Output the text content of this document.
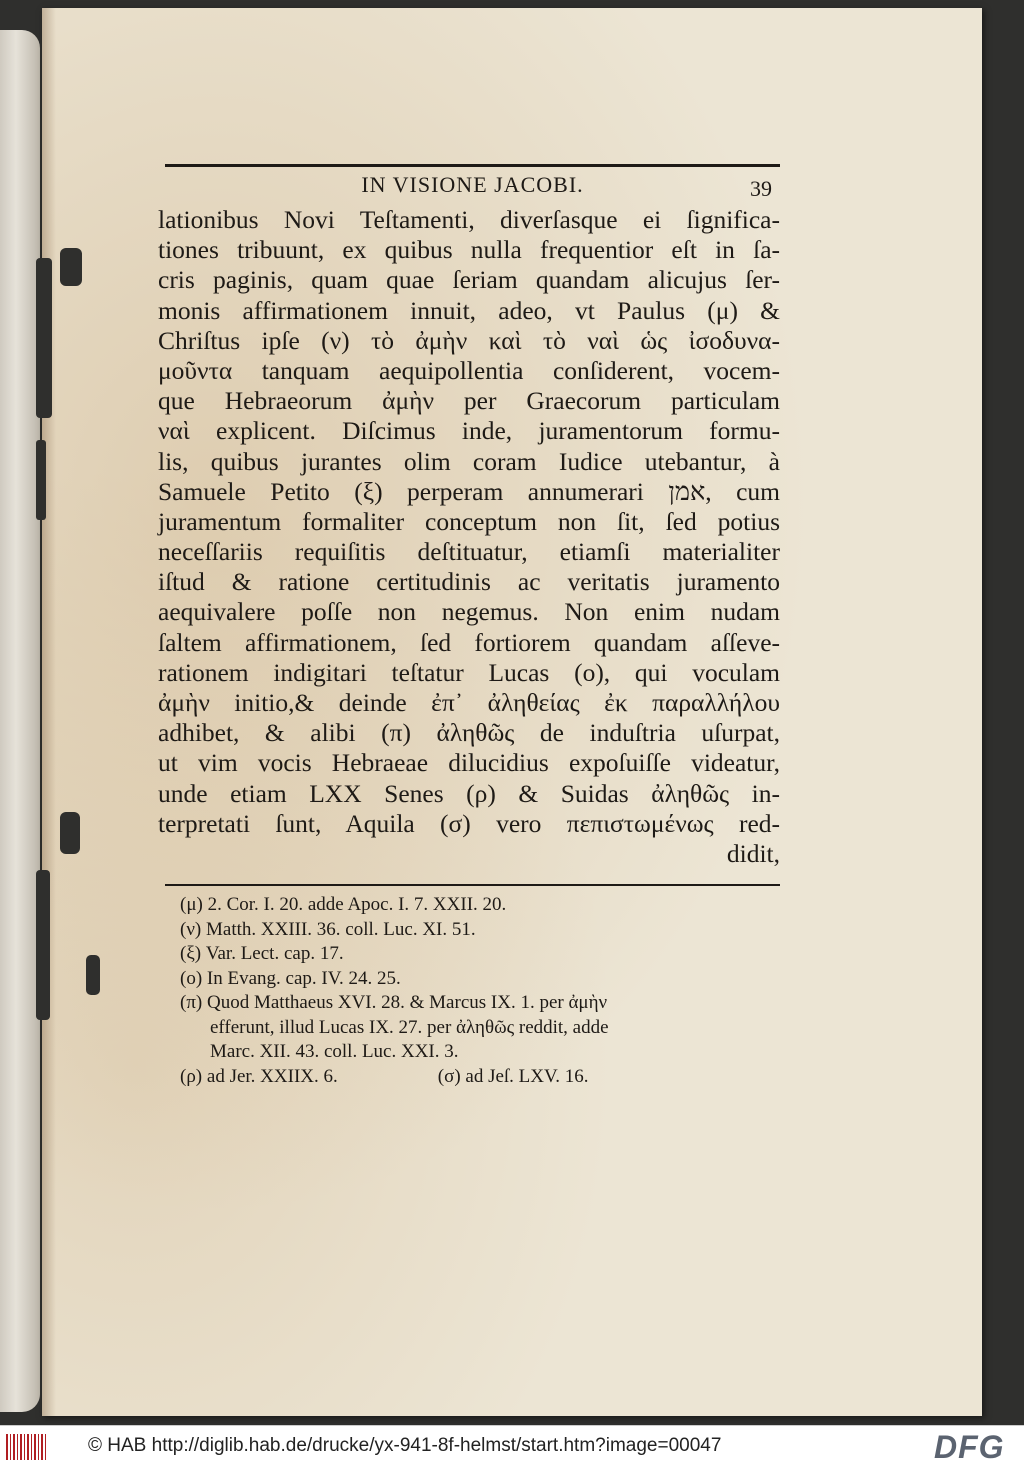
IN VISIONE JACOBI.	39
lationibus Novi Teſtamenti, diverſasque ei ſignifica-
tiones tribuunt, ex quibus nulla frequentior eſt in ſa-
cris paginis, quam quae ſeriam quandam alicujus ſer-
monis affirmationem innuit, adeo, vt Paulus (μ) &
Chriſtus ipſe (ν) τὸ ἀμὴν καὶ τὸ ναὶ ὡς ἰσοδυνα-
μοῦντα tanquam aequipollentia conſiderent, vocem-
que Hebraeorum ἀμὴν per Graecorum particulam
ναὶ explicent. Diſcimus inde, juramentorum formu-
lis, quibus jurantes olim coram Iudice utebantur, à
Samuele Petito (ξ) perperam annumerari אמן, cum
juramentum formaliter conceptum non ſit, ſed potius
neceſſariis requiſitis deſtituatur, etiamſi materialiter
iſtud & ratione certitudinis ac veritatis juramento
aequivalere poſſe non negemus. Non enim nudam
ſaltem affirmationem, ſed fortiorem quandam aſſeve-
rationem indigitari teſtatur Lucas (ο), qui voculam
ἀμὴν initio,& deinde ἐπ᾽ ἀληθείας ἐκ παραλλήλου
adhibet, & alibi (π) ἀληθῶς de induſtria uſurpat,
ut vim vocis Hebraeae dilucidius expoſuiſſe videatur,
unde etiam LXX Senes (ρ) & Suidas ἀληθῶς in-
terpretati ſunt, Aquila (σ) vero πεπιστωμένως red-
didit,
(μ) 2. Cor. I. 20. adde Apoc. I. 7. XXII. 20.
(ν) Matth. XXIII. 36. coll. Luc. XI. 51.
(ξ) Var. Lect. cap. 17.
(ο) In Evang. cap. IV. 24. 25.
(π) Quod Matthaeus XVI. 28. & Marcus IX. 1. per ἀμὴν
efferunt, illud Lucas IX. 27. per ἀληθῶς reddit, adde
Marc. XII. 43. coll. Luc. XXI. 3.
(ρ) ad Jer. XXIIX. 6.	(σ) ad Jeſ. LXV. 16.
© HAB http://diglib.hab.de/drucke/yx-941-8f-helmst/start.htm?image=00047	DFG
